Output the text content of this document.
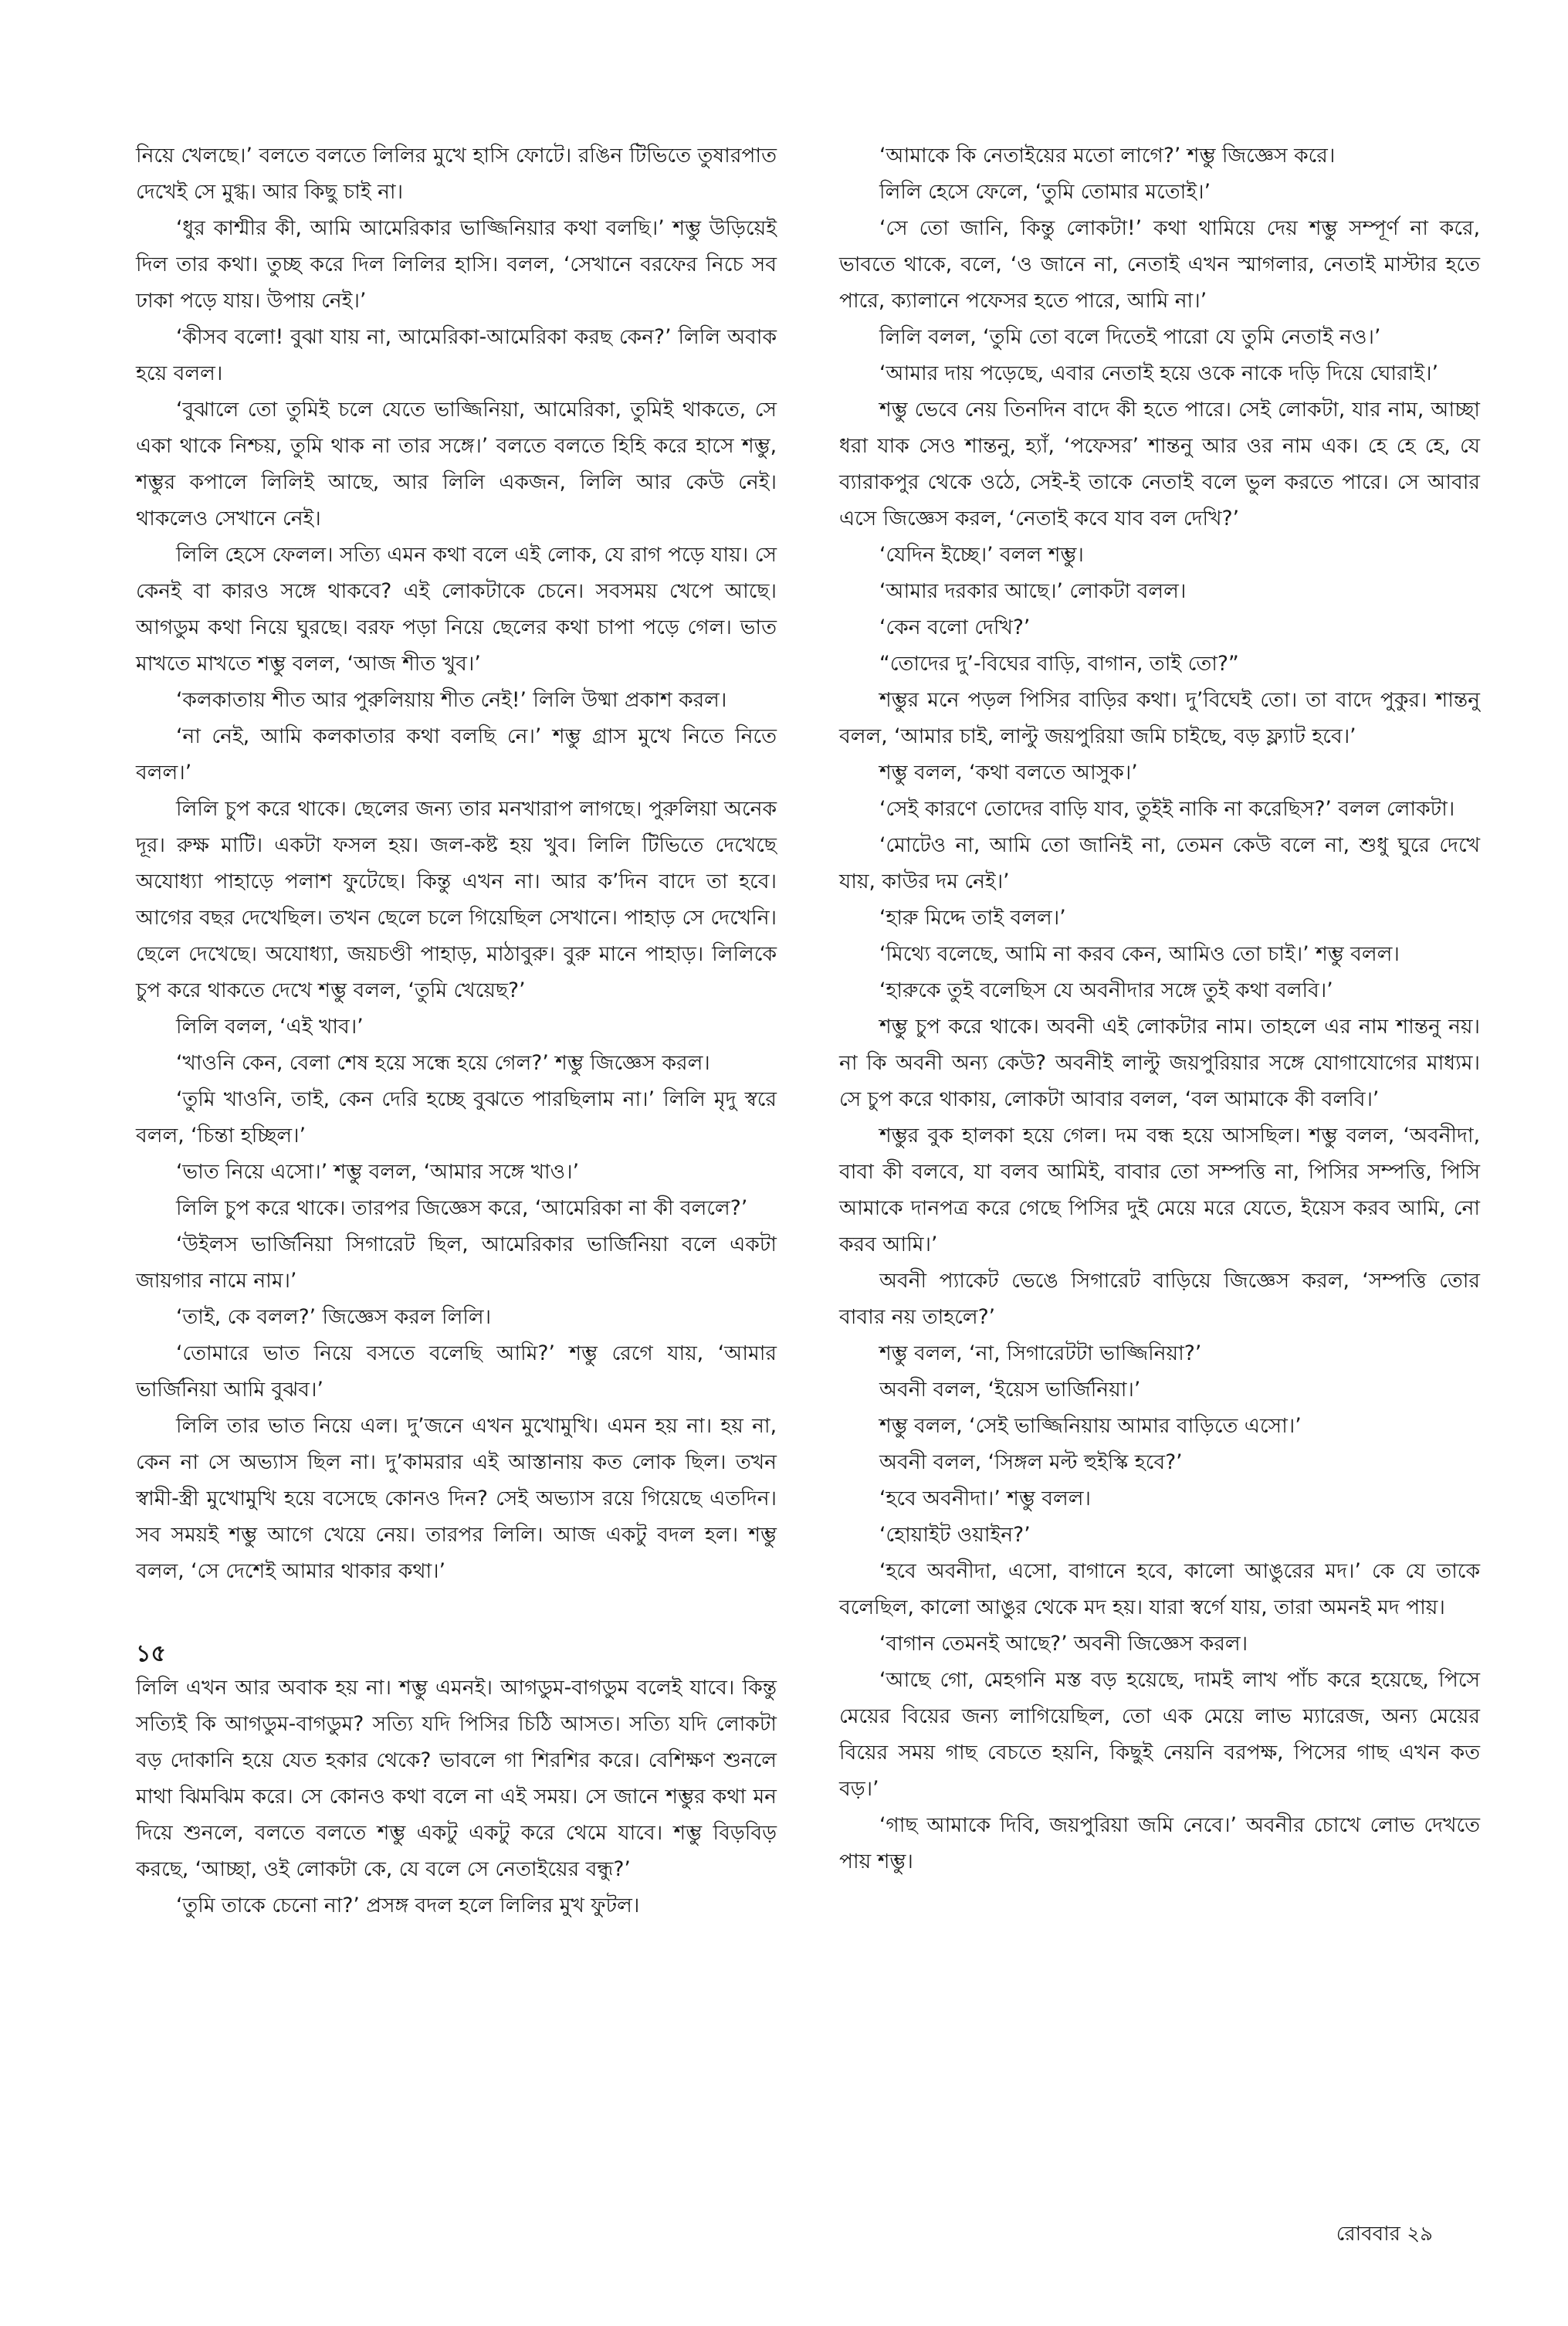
নিয়ে খেলছে।’ বলতে বলতে লিলির মুখে হাসি ফোটে। রঙিন টিভিতে তুষারপাত দেখেই সে মুগ্ধ। আর কিছু চাই না।

‘ধুর কাশ্মীর কী, আমি আমেরিকার ভাজ্জিনিয়ার কথা বলছি।’ শম্ভু উড়িয়েই দিল তার কথা। তুচ্ছ করে দিল লিলির হাসি। বলল, ‘সেখানে বরফের নিচে সব ঢাকা পড়ে যায়। উপায় নেই।’

‘কীসব বলো! বুঝা যায় না, আমেরিকা-আমেরিকা করছ কেন?’ লিলি অবাক হয়ে বলল।

‘বুঝালে তো তুমিই চলে যেতে ভাজ্জিনিয়া, আমেরিকা, তুমিই থাকতে, সে একা থাকে নিশ্চয়, তুমি থাক না তার সঙ্গে।’ বলতে বলতে হিহি করে হাসে শম্ভু, শম্ভুর কপালে লিলিই আছে, আর লিলি একজন, লিলি আর কেউ নেই। থাকলেও সেখানে নেই।

লিলি হেসে ফেলল। সত্যি এমন কথা বলে এই লোক, যে রাগ পড়ে যায়। সে কেনই বা কারও সঙ্গে থাকবে? এই লোকটাকে চেনে। সবসময় খেপে আছে। আগডুম কথা নিয়ে ঘুরছে। বরফ পড়া নিয়ে ছেলের কথা চাপা পড়ে গেল। ভাত মাখতে মাখতে শম্ভু বলল, ‘আজ শীত খুব।’

‘কলকাতায় শীত আর পুরুলিয়ায় শীত নেই!’ লিলি উষ্মা প্রকাশ করল।

‘না নেই, আমি কলকাতার কথা বলছি নে।’ শম্ভু গ্রাস মুখে নিতে নিতে বলল।’

লিলি চুপ করে থাকে। ছেলের জন্য তার মনখারাপ লাগছে। পুরুলিয়া অনেক দূর। রুক্ষ মাটি। একটা ফসল হয়। জল-কষ্ট হয় খুব। লিলি টিভিতে দেখেছে অযোধ্যা পাহাড়ে পলাশ ফুটেছে। কিন্তু এখন না। আর ক’দিন বাদে তা হবে। আগের বছর দেখেছিল। তখন ছেলে চলে গিয়েছিল সেখানে। পাহাড় সে দেখেনি। ছেলে দেখেছে। অযোধ্যা, জয়চণ্ডী পাহাড়, মাঠাবুরু। বুরু মানে পাহাড়। লিলিকে চুপ করে থাকতে দেখে শম্ভু বলল, ‘তুমি খেয়েছ?’

লিলি বলল, ‘এই খাব।’

‘খাওনি কেন, বেলা শেষ হয়ে সন্ধে হয়ে গেল?’ শম্ভু জিজ্ঞেস করল।

‘তুমি খাওনি, তাই, কেন দেরি হচ্ছে বুঝতে পারছিলাম না।’ লিলি মৃদু স্বরে বলল, ‘চিন্তা হচ্ছিল।’

‘ভাত নিয়ে এসো।’ শম্ভু বলল, ‘আমার সঙ্গে খাও।’

লিলি চুপ করে থাকে। তারপর জিজ্ঞেস করে, ‘আমেরিকা না কী বললে?’

‘উইলস ভার্জিনিয়া সিগারেট ছিল, আমেরিকার ভার্জিনিয়া বলে একটা জায়গার নামে নাম।’

‘তাই, কে বলল?’ জিজ্ঞেস করল লিলি।

‘তোমারে ভাত নিয়ে বসতে বলেছি আমি?’ শম্ভু রেগে যায়, ‘আমার ভার্জিনিয়া আমি বুঝব।’

লিলি তার ভাত নিয়ে এল। দু’জনে এখন মুখোমুখি। এমন হয় না। হয় না, কেন না সে অভ্যাস ছিল না। দু’কামরার এই আস্তানায় কত লোক ছিল। তখন স্বামী-স্ত্রী মুখোমুখি হয়ে বসেছে কোনও দিন? সেই অভ্যাস রয়ে গিয়েছে এতদিন। সব সময়ই শম্ভু আগে খেয়ে নেয়। তারপর লিলি। আজ একটু বদল হল। শম্ভু বলল, ‘সে দেশেই আমার থাকার কথা।’

১৫

লিলি এখন আর অবাক হয় না। শম্ভু এমনই। আগডুম-বাগডুম বলেই যাবে। কিন্তু সত্যিই কি আগডুম-বাগডুম? সত্যি যদি পিসির চিঠি আসত। সত্যি যদি লোকটা বড় দোকানি হয়ে যেত হকার থেকে? ভাবলে গা শিরশির করে। বেশিক্ষণ শুনলে মাথা ঝিমঝিম করে। সে কোনও কথা বলে না এই সময়। সে জানে শম্ভুর কথা মন দিয়ে শুনলে, বলতে বলতে শম্ভু একটু একটু করে থেমে যাবে। শম্ভু বিড়বিড় করছে, ‘আচ্ছা, ওই লোকটা কে, যে বলে সে নেতাইয়ের বন্ধু?’

‘তুমি তাকে চেনো না?’ প্রসঙ্গ বদল হলে লিলির মুখ ফুটল।

‘আমাকে কি নেতাইয়ের মতো লাগে?’ শম্ভু জিজ্ঞেস করে।

লিলি হেসে ফেলে, ‘তুমি তোমার মতোই।’

‘সে তো জানি, কিন্তু লোকটা!’ কথা থামিয়ে দেয় শম্ভু সম্পূর্ণ না করে, ভাবতে থাকে, বলে, ‘ও জানে না, নেতাই এখন স্মাগলার, নেতাই মাস্টার হতে পারে, ক্যালানে পফেসর হতে পারে, আমি না।’

লিলি বলল, ‘তুমি তো বলে দিতেই পারো যে তুমি নেতাই নও।’

‘আমার দায় পড়েছে, এবার নেতাই হয়ে ওকে নাকে দড়ি দিয়ে ঘোরাই।’

শম্ভু ভেবে নেয় তিনদিন বাদে কী হতে পারে। সেই লোকটা, যার নাম, আচ্ছা ধরা যাক সেও শান্তনু, হ্যাঁ, ‘পফেসর’ শান্তনু আর ওর নাম এক। হে হে হে, যে ব্যারাকপুর থেকে ওঠে, সেই-ই তাকে নেতাই বলে ভুল করতে পারে। সে আবার এসে জিজ্ঞেস করল, ‘নেতাই কবে যাব বল দেখি?’

‘যেদিন ইচ্ছে।’ বলল শম্ভু।

‘আমার দরকার আছে।’ লোকটা বলল।

‘কেন বলো দেখি?’

“তোদের দু’-বিঘের বাড়ি, বাগান, তাই তো?”

শম্ভুর মনে পড়ল পিসির বাড়ির কথা। দু’বিঘেই তো। তা বাদে পুকুর। শান্তনু বলল, ‘আমার চাই, লাল্টু জয়পুরিয়া জমি চাইছে, বড় ফ্ল্যাট হবে।’

শম্ভু বলল, ‘কথা বলতে আসুক।’

‘সেই কারণে তোদের বাড়ি যাব, তুইই নাকি না করেছিস?’ বলল লোকটা।

‘মোটেও না, আমি তো জানিই না, তেমন কেউ বলে না, শুধু ঘুরে দেখে যায়, কাউর দম নেই।’

‘হারু মিদ্দে তাই বলল।’

‘মিথ্যে বলেছে, আমি না করব কেন, আমিও তো চাই।’ শম্ভু বলল।

‘হারুকে তুই বলেছিস যে অবনীদার সঙ্গে তুই কথা বলবি।’

শম্ভু চুপ করে থাকে। অবনী এই লোকটার নাম। তাহলে এর নাম শান্তনু নয়। না কি অবনী অন্য কেউ? অবনীই লাল্টু জয়পুরিয়ার সঙ্গে যোগাযোগের মাধ্যম। সে চুপ করে থাকায়, লোকটা আবার বলল, ‘বল আমাকে কী বলবি।’

শম্ভুর বুক হালকা হয়ে গেল। দম বন্ধ হয়ে আসছিল। শম্ভু বলল, ‘অবনীদা, বাবা কী বলবে, যা বলব আমিই, বাবার তো সম্পত্তি না, পিসির সম্পত্তি, পিসি আমাকে দানপত্র করে গেছে পিসির দুই মেয়ে মরে যেতে, ইয়েস করব আমি, নো করব আমি।’

অবনী প্যাকেট ভেঙে সিগারেট বাড়িয়ে জিজ্ঞেস করল, ‘সম্পত্তি তোর বাবার নয় তাহলে?’

শম্ভু বলল, ‘না, সিগারেটটা ভাজ্জিনিয়া?’

অবনী বলল, ‘ইয়েস ভার্জিনিয়া।’

শম্ভু বলল, ‘সেই ভাজ্জিনিয়ায় আমার বাড়িতে এসো।’

অবনী বলল, ‘সিঙ্গল মল্ট হুইস্কি হবে?’

‘হবে অবনীদা।’ শম্ভু বলল।

‘হোয়াইট ওয়াইন?’

‘হবে অবনীদা, এসো, বাগানে হবে, কালো আঙুরের মদ।’ কে যে তাকে বলেছিল, কালো আঙুর থেকে মদ হয়। যারা স্বর্গে যায়, তারা অমনই মদ পায়।

‘বাগান তেমনই আছে?’ অবনী জিজ্ঞেস করল।

‘আছে গো, মেহগনি মস্ত বড় হয়েছে, দামই লাখ পাঁচ করে হয়েছে, পিসে মেয়ের বিয়ের জন্য লাগিয়েছিল, তো এক মেয়ে লাভ ম্যারেজ, অন্য মেয়ের বিয়ের সময় গাছ বেচতে হয়নি, কিছুই নেয়নি বরপক্ষ, পিসের গাছ এখন কত বড়।’

‘গাছ আমাকে দিবি, জয়পুরিয়া জমি নেবে।’ অবনীর চোখে লোভ দেখতে পায় শম্ভু।

রোববার ২৯
